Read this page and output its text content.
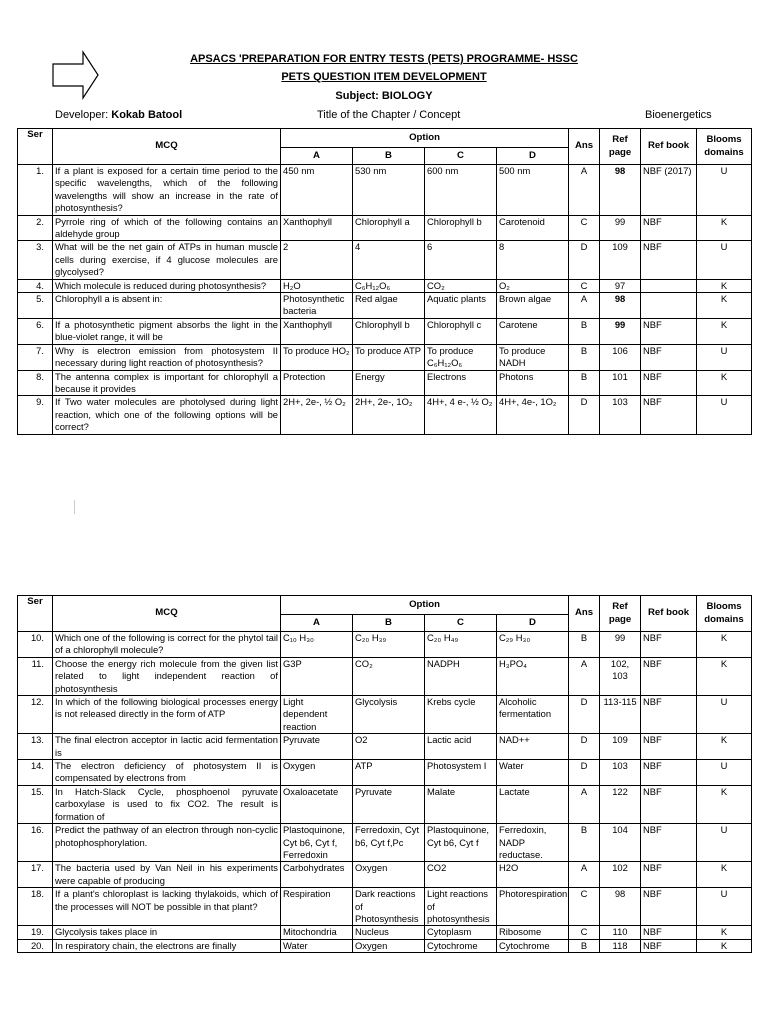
APSACS 'PREPARATION FOR ENTRY TESTS (PETS) PROGRAMME- HSSC
PETS QUESTION ITEM DEVELOPMENT
Subject: BIOLOGY
Developer: Kokab Batool	Title of the Chapter / Concept	Bioenergetics
Ser	MCQ	Option				Ans	Ref page	Ref book	Blooms domains
		A	B	C	D				
1.	If a plant is exposed for a certain time period to the specific wavelengths, which of the following wavelengths will show an increase in the rate of photosynthesis?	450 nm	530 nm	600 nm	500 nm	A	98	NBF (2017)	U
2.	Pyrrole ring of which of the following contains an aldehyde group	Xanthophyll	Chlorophyll a	Chlorophyll b	Carotenoid	C	99	NBF	K
3.	What will be the net gain of ATPs in human muscle cells during exercise, if 4 glucose molecules are glycolysed?	2	4	6	8	D	109	NBF	U
4.	Which molecule is reduced during photosynthesis?	H₂O	C₆H₁₂O₆	CO₂	O₂	C	97		K
5.	Chlorophyll a is absent in:	Photosynthetic bacteria	Red algae	Aquatic plants	Brown algae	A	98		K
6.	If a photosynthetic pigment absorbs the light in the blue-violet range, it will be	Xanthophyll	Chlorophyll b	Chlorophyll c	Carotene	B	99	NBF	K
7.	Why is electron emission from photosystem II necessary during light reaction of photosynthesis?	To produce HO₂	To produce ATP	To produce C₆H₁₂O₆	To produce NADH	B	106	NBF	U
8.	The antenna complex is important for chlorophyll a because it provides	Protection	Energy	Electrons	Photons	B	101	NBF	K
9.	If Two water molecules are photolysed during light reaction, which one of the following options will be correct?	2H+, 2e-, ½ O₂	2H+, 2e-, 1O₂	4H+, 4 e-, ½ O₂	4H+, 4e-, 1O₂	D	103	NBF	U
Ser	MCQ	Option				Ans	Ref page	Ref book	Blooms domains
		A	B	C	D				
10.	Which one of the following is correct for the phytol tail of a chlorophyll molecule?	C₁₀ H₃₀	C₂₀ H₃₉	C₂₀ H₄₉	C₂₉ H₃₀	B	99	NBF	K
11.	Choose the energy rich molecule from the given list related to light independent reaction of photosynthesis	G3P	CO₂	NADPH	H₃PO₄	A	102, 103	NBF	K
12.	In which of the following biological processes energy is not released directly in the form of ATP	Light dependent reaction	Glycolysis	Krebs cycle	Alcoholic fermentation	D	113-115	NBF	U
13.	The final electron acceptor in lactic acid fermentation is	Pyruvate	O2	Lactic acid	NAD++	D	109	NBF	K
14.	The electron deficiency of photosystem II is compensated by electrons from	Oxygen	ATP	Photosystem I	Water	D	103	NBF	U
15.	In Hatch-Slack Cycle, phosphoenol pyruvate carboxylase is used to fix CO2. The result is formation of	Oxaloacetate	Pyruvate	Malate	Lactate	A	122	NBF	K
16.	Predict the pathway of an electron through non-cyclic photophosphorylation.	Plastoquinone, Cyt b6, Cyt f, Ferredoxin	Ferredoxin, Cyt b6, Cyt f,Pc	Plastoquinone, Cyt b6, Cyt f	Ferredoxin, NADP reductase.	B	104	NBF	U
17.	The bacteria used by Van Neil in his experiments were capable of producing	Carbohydrates	Oxygen	CO2	H2O	A	102	NBF	K
18.	If a plant's chloroplast is lacking thylakoids, which of the processes will NOT be possible in that plant?	Respiration	Dark reactions of Photosynthesis	Light reactions of photosynthesis	Photorespiration	C	98	NBF	U
19.	Glycolysis takes place in	Mitochondria	Nucleus	Cytoplasm	Ribosome	C	110	NBF	K
20.	In respiratory chain, the electrons are finally	Water	Oxygen	Cytochrome	Cytochrome	B	118	NBF	K
